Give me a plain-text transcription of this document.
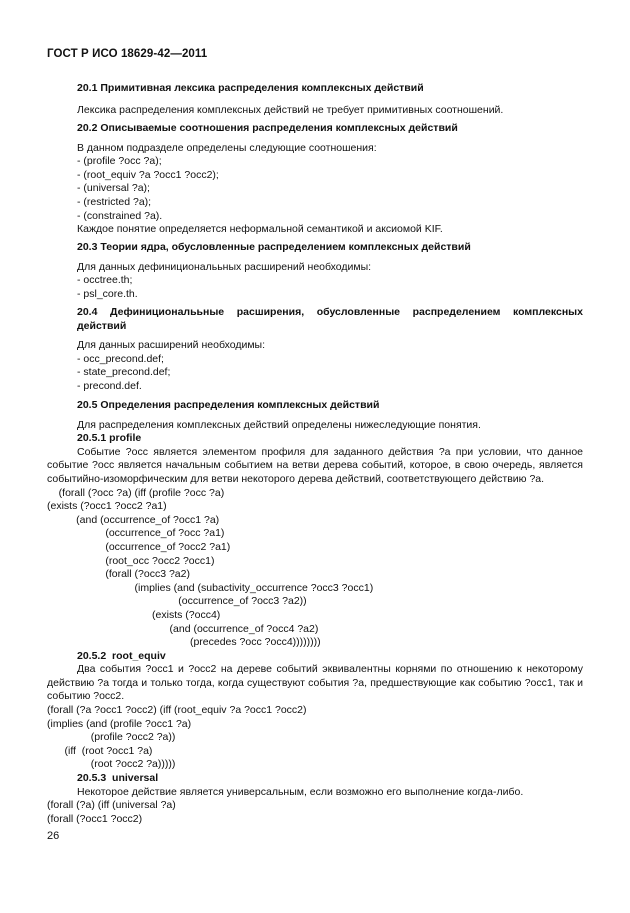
ГОСТ Р ИСО 18629-42—2011
20.1 Примитивная лексика распределения комплексных действий
Лексика распределения комплексных действий не требует примитивных соотношений.
20.2 Описываемые соотношения распределения комплексных действий
В данном подразделе определены следующие соотношения:
- (profile ?occ ?a);
- (root_equiv ?a ?occ1 ?occ2);
- (universal ?a);
- (restricted ?a);
- (constrained ?a).
Каждое понятие определяется неформальной семантикой и аксиомой KIF.
20.3 Теории ядра, обусловленные распределением комплексных действий
Для данных дефинициональьных расширений необходимы:
- occtree.th;
- psl_core.th.
20.4 Дефинициональьные расширения, обусловленные распределением комплексных действий
Для данных расширений необходимы:
- occ_precond.def;
- state_precond.def;
- precond.def.
20.5 Определения распределения комплексных действий
Для распределения комплексных действий определены нижеследующие понятия.
20.5.1 profile
Событие ?occ является элементом профиля для заданного действия ?a при условии, что данное событие ?occ является начальным событием на ветви дерева событий, которое, в свою очередь, является событийно-изоморфическим для ветви некоторого дерева действий, соответствующего действию ?a.
(forall (?occ ?a) (iff (profile ?occ ?a)
(exists (?occ1 ?occ2 ?a1)
(and (occurrence_of ?occ1 ?a)
(occurrence_of ?occ ?a1)
(occurrence_of ?occ2 ?a1)
(root_occ ?occ2 ?occ1)
(forall (?occ3 ?a2)
(implies (and (subactivity_occurrence ?occ3 ?occ1)
(occurrence_of ?occ3 ?a2))
(exists (?occ4)
(and (occurrence_of ?occ4 ?a2)
(precedes ?occ ?occ4))))))))
20.5.2  root_equiv
Два события ?occ1 и ?occ2 на дереве событий эквивалентны корнями по отношению к некоторому действию ?a тогда и только тогда, когда существуют события ?a, предшествующие как событию ?occ1, так и событию ?occ2.
(forall (?a ?occ1 ?occ2) (iff (root_equiv ?a ?occ1 ?occ2)
(implies (and (profile ?occ1 ?a)
(profile ?occ2 ?a))
(iff  (root ?occ1 ?a)
(root ?occ2 ?a)))))
20.5.3  universal
Некоторое действие является универсальным, если возможно его выполнение когда-либо.
(forall (?a) (iff (universal ?a)
(forall (?occ1 ?occ2)
26
